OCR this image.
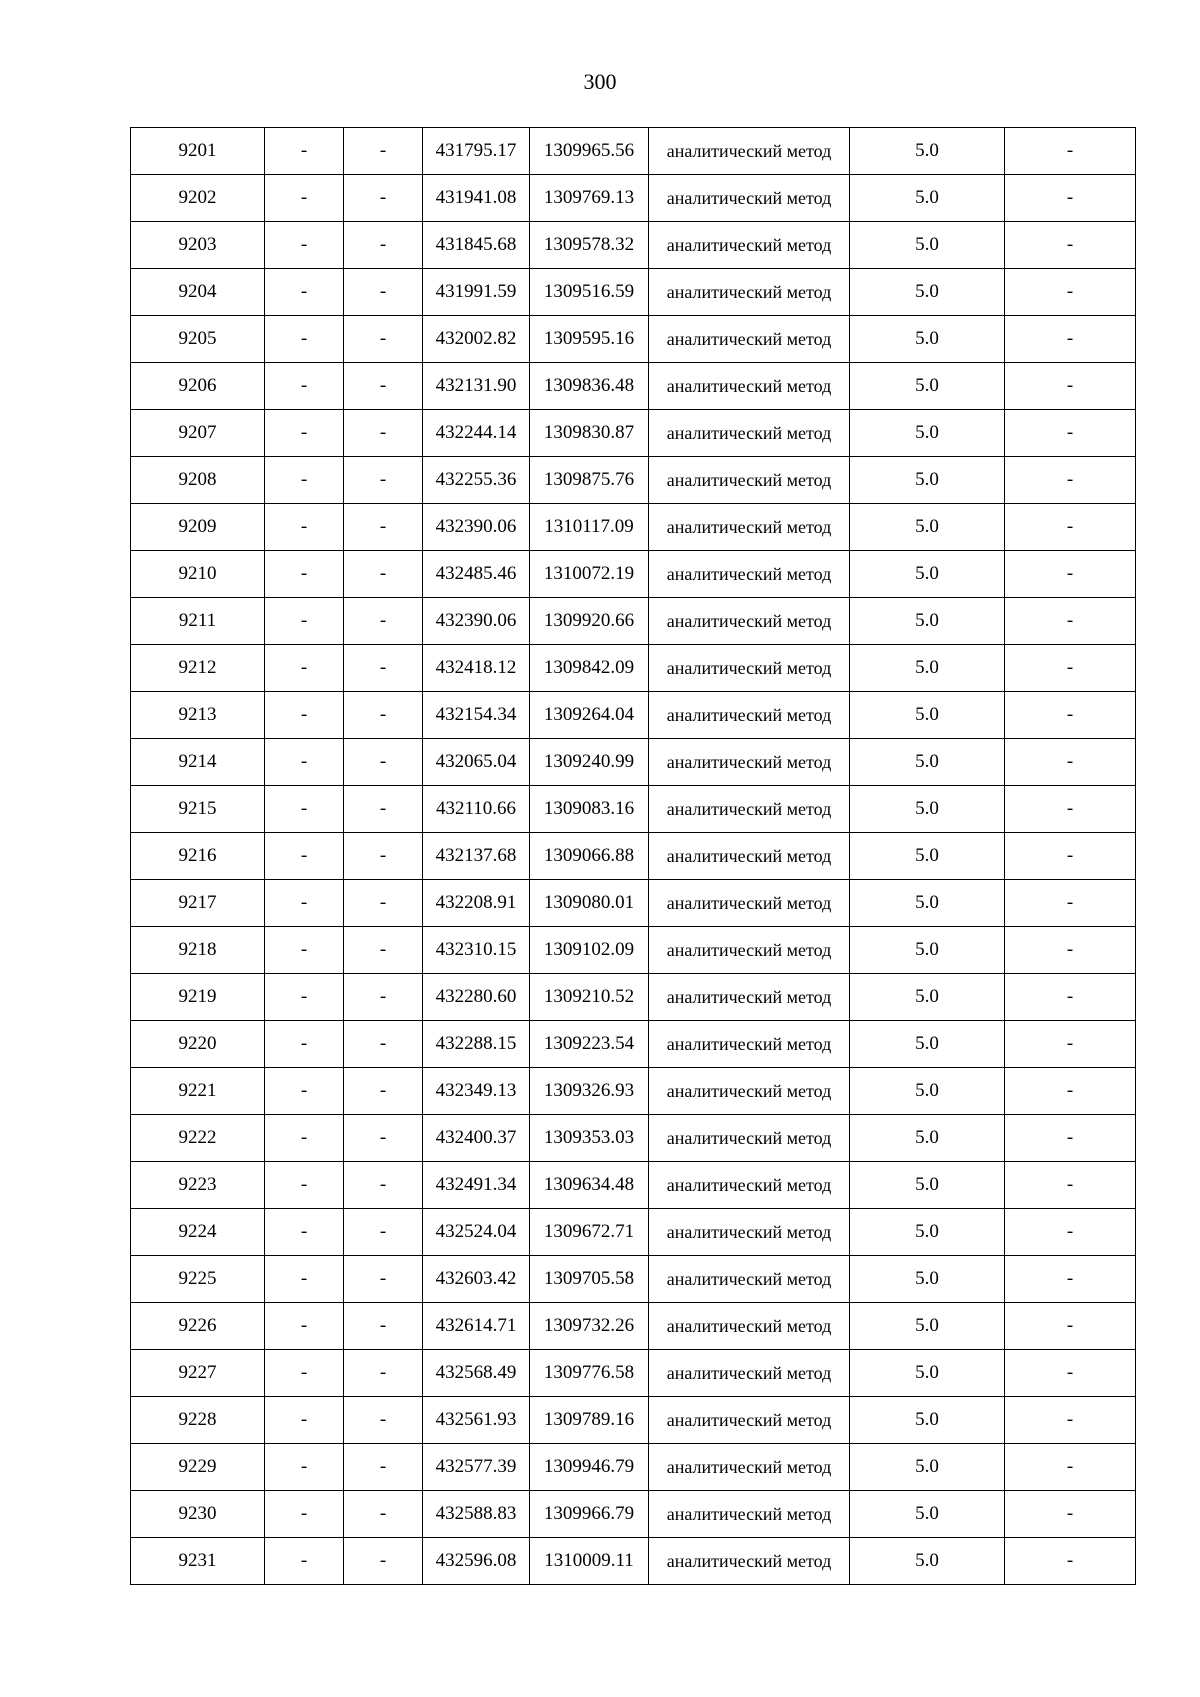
300
9201	-	-	431795.17	1309965.56	аналитический метод	5.0	-
9202	-	-	431941.08	1309769.13	аналитический метод	5.0	-
9203	-	-	431845.68	1309578.32	аналитический метод	5.0	-
9204	-	-	431991.59	1309516.59	аналитический метод	5.0	-
9205	-	-	432002.82	1309595.16	аналитический метод	5.0	-
9206	-	-	432131.90	1309836.48	аналитический метод	5.0	-
9207	-	-	432244.14	1309830.87	аналитический метод	5.0	-
9208	-	-	432255.36	1309875.76	аналитический метод	5.0	-
9209	-	-	432390.06	1310117.09	аналитический метод	5.0	-
9210	-	-	432485.46	1310072.19	аналитический метод	5.0	-
9211	-	-	432390.06	1309920.66	аналитический метод	5.0	-
9212	-	-	432418.12	1309842.09	аналитический метод	5.0	-
9213	-	-	432154.34	1309264.04	аналитический метод	5.0	-
9214	-	-	432065.04	1309240.99	аналитический метод	5.0	-
9215	-	-	432110.66	1309083.16	аналитический метод	5.0	-
9216	-	-	432137.68	1309066.88	аналитический метод	5.0	-
9217	-	-	432208.91	1309080.01	аналитический метод	5.0	-
9218	-	-	432310.15	1309102.09	аналитический метод	5.0	-
9219	-	-	432280.60	1309210.52	аналитический метод	5.0	-
9220	-	-	432288.15	1309223.54	аналитический метод	5.0	-
9221	-	-	432349.13	1309326.93	аналитический метод	5.0	-
9222	-	-	432400.37	1309353.03	аналитический метод	5.0	-
9223	-	-	432491.34	1309634.48	аналитический метод	5.0	-
9224	-	-	432524.04	1309672.71	аналитический метод	5.0	-
9225	-	-	432603.42	1309705.58	аналитический метод	5.0	-
9226	-	-	432614.71	1309732.26	аналитический метод	5.0	-
9227	-	-	432568.49	1309776.58	аналитический метод	5.0	-
9228	-	-	432561.93	1309789.16	аналитический метод	5.0	-
9229	-	-	432577.39	1309946.79	аналитический метод	5.0	-
9230	-	-	432588.83	1309966.79	аналитический метод	5.0	-
9231	-	-	432596.08	1310009.11	аналитический метод	5.0	-
